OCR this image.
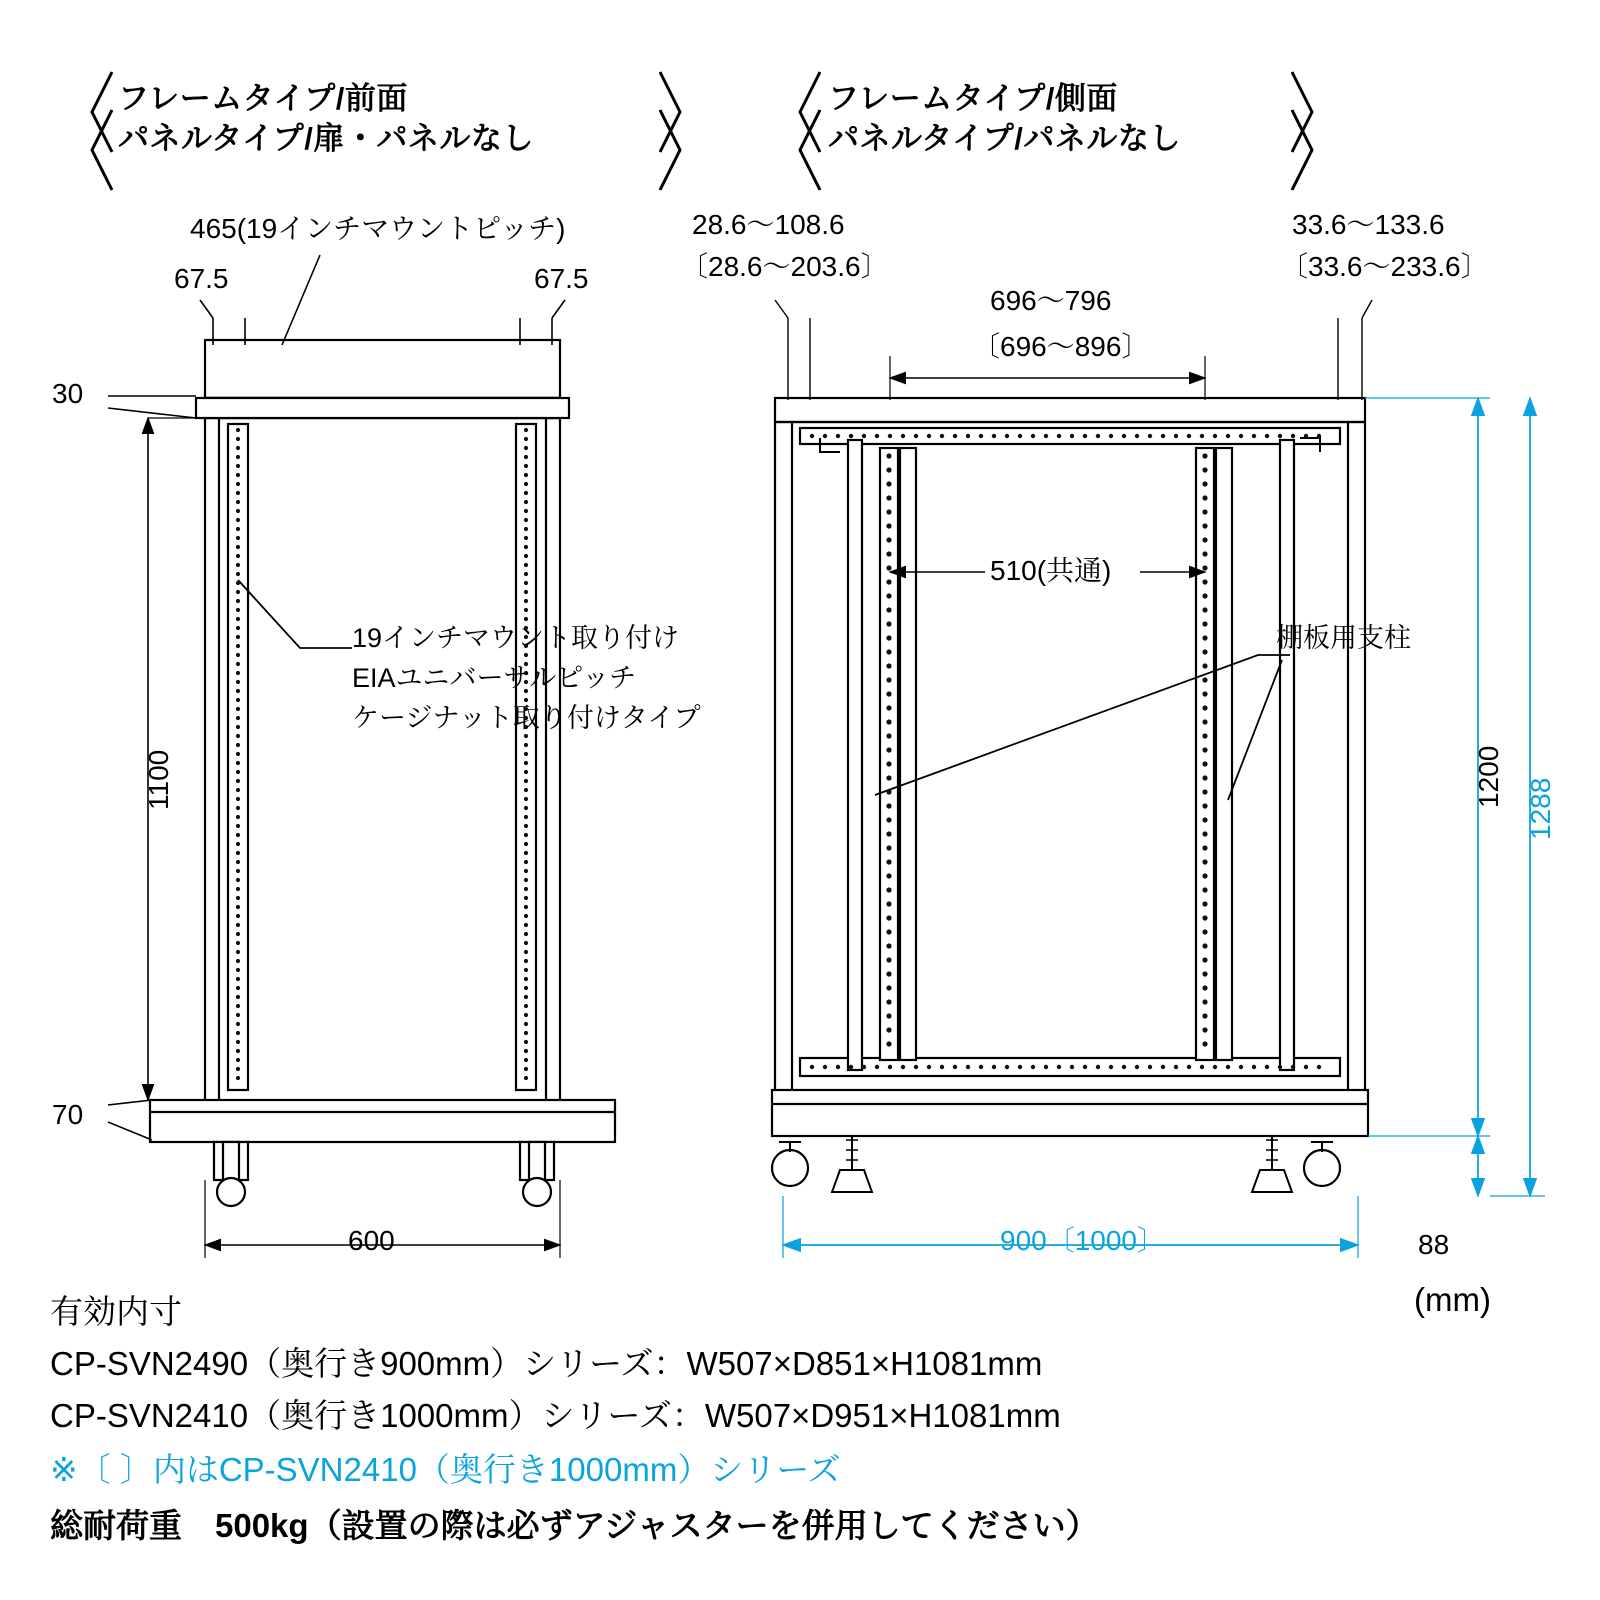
フレームタイプ/前面
パネルタイプ/扉・パネルなし
フレームタイプ/側面
パネルタイプ/パネルなし
465(19インチマウントピッチ)
67.5	67.5
30
70
1100
600
19インチマウント取り付け
EIAユニバーサルピッチ
ケージナット取り付けタイプ
28.6〜108.6
〔28.6〜203.6〕
33.6〜133.6
〔33.6〜233.6〕
696〜796
〔696〜896〕
510(共通)
棚板用支柱
1200
1288
900〔1000〕	88
(mm)
有効内寸
CP-SVN2490（奥行き900mm）シリーズ：W507×D851×H1081mm
CP-SVN2410（奥行き1000mm）シリーズ：W507×D951×H1081mm
※〔 〕内はCP-SVN2410（奥行き1000mm）シリーズ
総耐荷重　500kg（設置の際は必ずアジャスターを併用してください）
